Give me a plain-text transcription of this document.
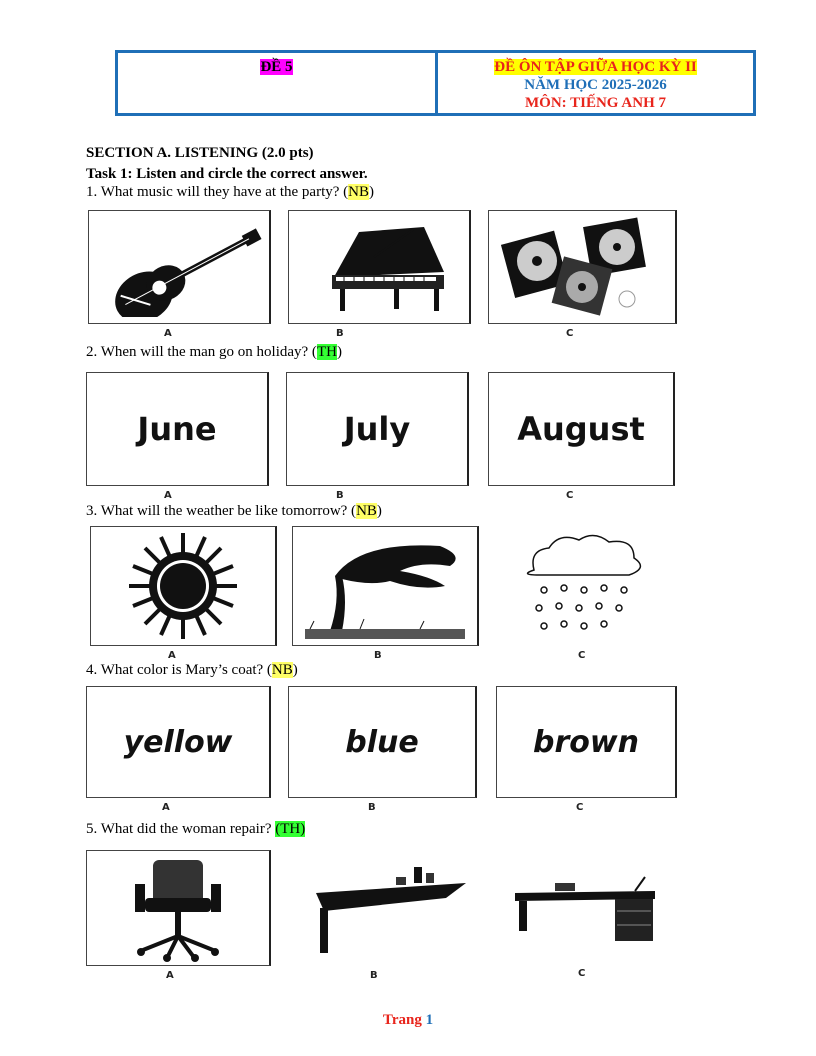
ĐỀ 5	ĐỀ ÔN TẬP GIỮA HỌC KỲ II
NĂM HỌC 2025-2026
MÔN: TIẾNG ANH 7
SECTION A. LISTENING (2.0 pts)
Task 1: Listen and circle the correct answer.
1. What music will they have at the party? (NB)
A	B	C
2. When will the man go on holiday? (TH)
June	July	August
A	B	C
3. What will the weather be like tomorrow? (NB)
A	B	C
4. What color is Mary’s coat? (NB)
yellow	blue	brown
A	B	C
5. What did the woman repair? (TH)
A	B	C
Trang 1
